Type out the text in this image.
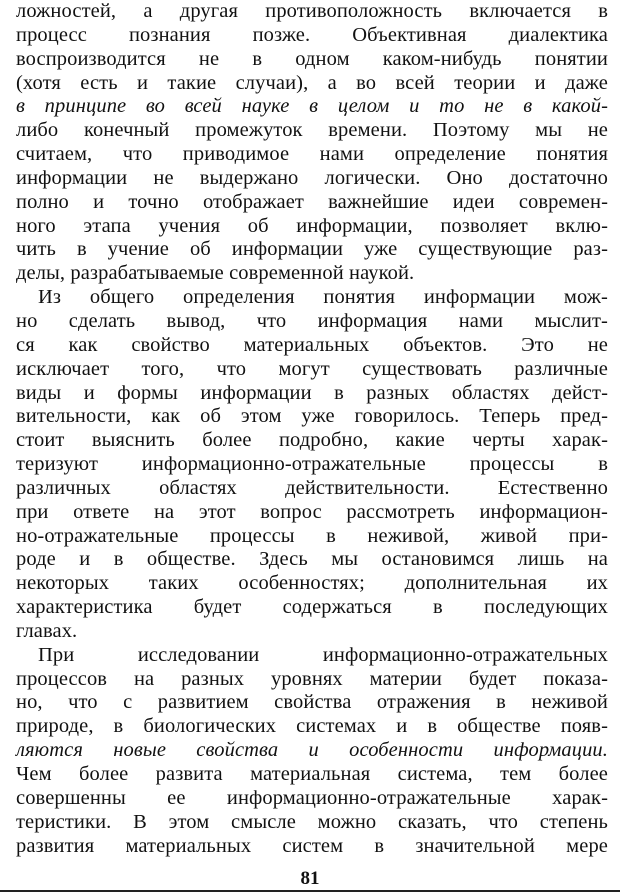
ложностей, а другая противоположность включается в
процесс познания позже. Объективная диалектика
воспроизводится не в одном каком-нибудь понятии
(хотя есть и такие случаи), а во всей теории и даже
в принципе во всей науке в целом и то не в какой-
либо конечный промежуток времени. Поэтому мы не
считаем, что приводимое нами определение понятия
информации не выдержано логически. Оно достаточно
полно и точно отображает важнейшие идеи современ-
ного этапа учения об информации, позволяет вклю-
чить в учение об информации уже существующие раз-
делы, разрабатываемые современной наукой.
Из общего определения понятия информации мож-
но сделать вывод, что информация нами мыслит-
ся как свойство материальных объектов. Это не
исключает того, что могут существовать различные
виды и формы информации в разных областях дейст-
вительности, как об этом уже говорилось. Теперь пред-
стоит выяснить более подробно, какие черты харак-
теризуют информационно-отражательные процессы в
различных областях действительности. Естественно
при ответе на этот вопрос рассмотреть информацион-
но-отражательные процессы в неживой, живой при-
роде и в обществе. Здесь мы остановимся лишь на
некоторых таких особенностях; дополнительная их
характеристика будет содержаться в последующих
главах.
При исследовании информационно-отражательных
процессов на разных уровнях материи будет показа-
но, что с развитием свойства отражения в неживой
природе, в биологических системах и в обществе появ-
ляются новые свойства и особенности информации.
Чем более развита материальная система, тем более
совершенны ее информационно-отражательные харак-
теристики. В этом смысле можно сказать, что степень
развития материальных систем в значительной мере
81
